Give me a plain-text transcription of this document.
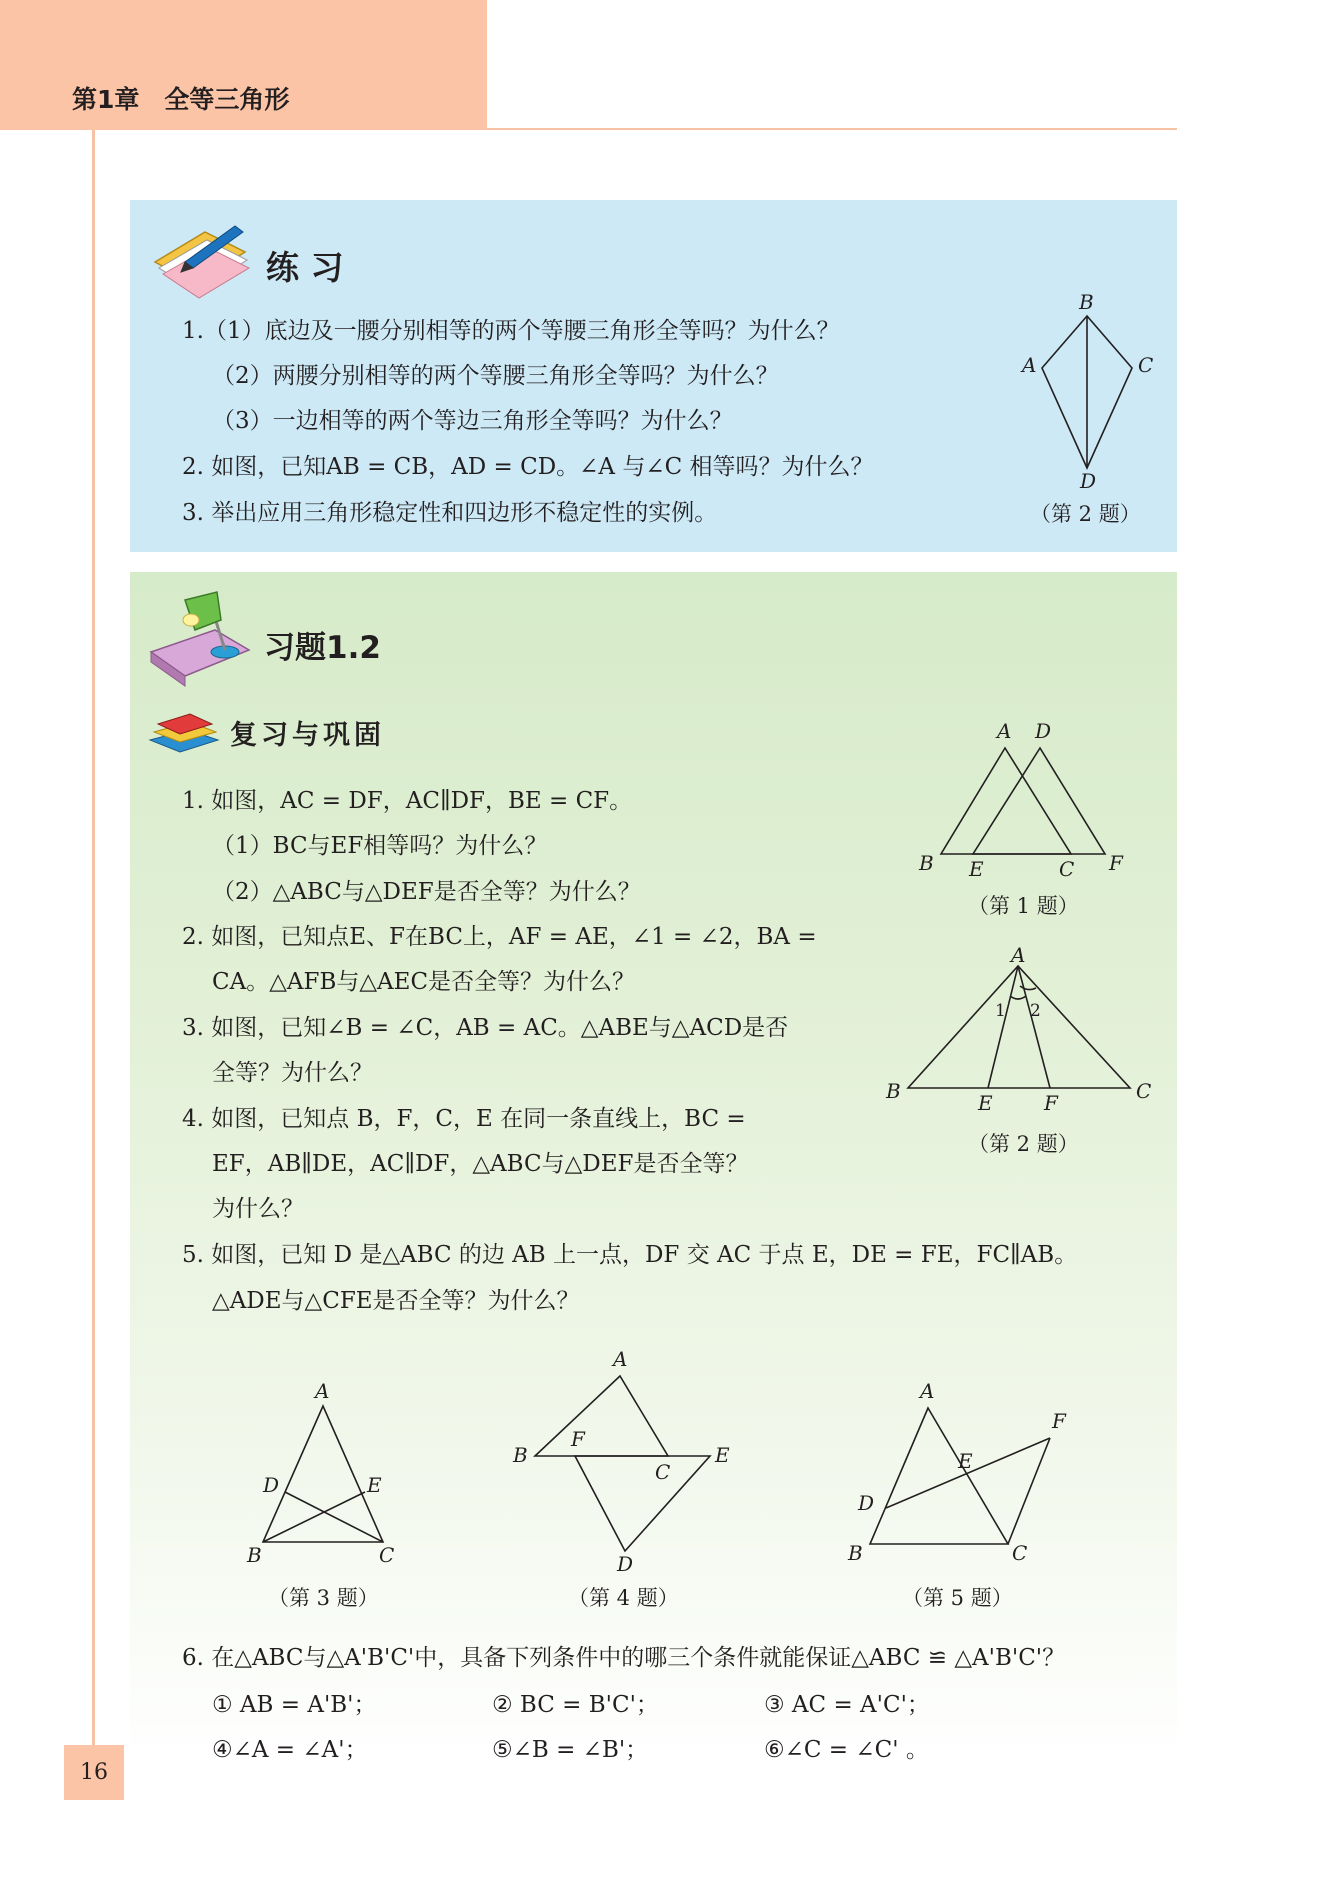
第1章　全等三角形
练 习
1.（1）底边及一腰分别相等的两个等腰三角形全等吗？为什么？
（2）两腰分别相等的两个等腰三角形全等吗？为什么？
（3）一边相等的两个等边三角形全等吗？为什么？
2. 如图，已知AB = CB，AD = CD。∠A 与∠C 相等吗？为什么？
3. 举出应用三角形稳定性和四边形不稳定性的实例。
B
A	C
D
（第 2 题）
习题1.2
复习与巩固
1. 如图，AC = DF，AC∥DF，BE = CF。
（1）BC与EF相等吗？为什么？
（2）△ABC与△DEF是否全等？为什么？
2. 如图，已知点E、F在BC上，AF = AE，∠1 = ∠2，BA =
CA。△AFB与△AEC是否全等？为什么？
3. 如图，已知∠B = ∠C，AB = AC。△ABE与△ACD是否
全等？为什么？
4. 如图，已知点 B，F，C，E 在同一条直线上，BC =
EF，AB∥DE，AC∥DF，△ABC与△DEF是否全等？
为什么？
5. 如图，已知 D 是△ABC 的边 AB 上一点，DF 交 AC 于点 E，DE = FE，FC∥AB。
△ADE与△CFE是否全等？为什么？
A D
B E	C F
（第 1 题）
A
1 2
B	E	F	C
（第 2 题）
A
D	E
B	C
（第 3 题）
A
B
F
C
E
D
（第 4 题）
A
F
E
D
B	C
（第 5 题）
6. 在△ABC与△A'B'C'中，具备下列条件中的哪三个条件就能保证△ABC ≌ △A'B'C'？
① AB = A'B'；	② BC = B'C'；	③ AC = A'C'；
④∠A = ∠A'；	⑤∠B = ∠B'；	⑥∠C = ∠C' 。
16
